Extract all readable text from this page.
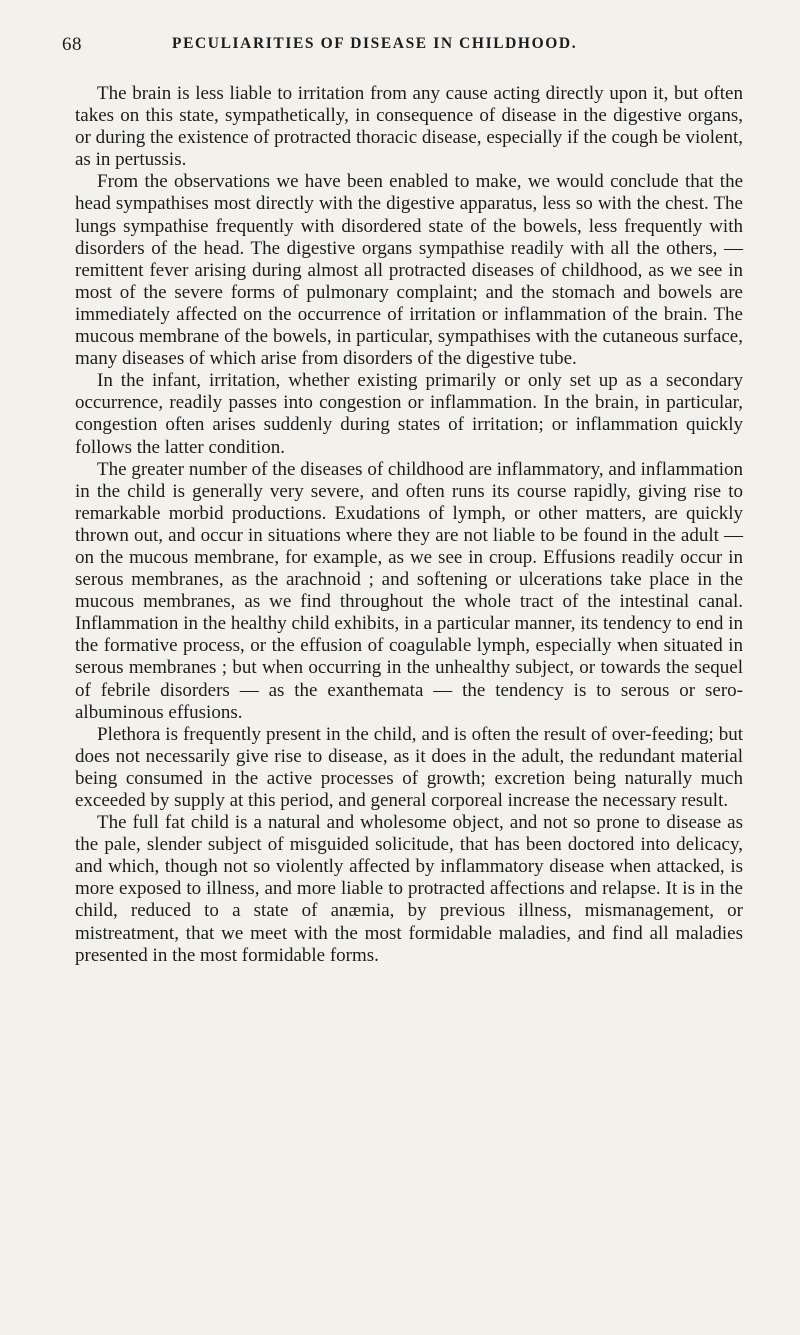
68	PECULIARITIES OF DISEASE IN CHILDHOOD.

The brain is less liable to irritation from any cause acting directly upon it, but often takes on this state, sympathetically, in consequence of disease in the digestive organs, or during the existence of protracted thoracic disease, especially if the cough be violent, as in pertussis.

From the observations we have been enabled to make, we would conclude that the head sympathises most directly with the digestive apparatus, less so with the chest. The lungs sympathise frequently with disordered state of the bowels, less frequently with disorders of the head. The digestive organs sympathise readily with all the others, — remittent fever arising during almost all protracted diseases of childhood, as we see in most of the severe forms of pulmonary complaint; and the stomach and bowels are immediately affected on the occurrence of irritation or inflammation of the brain. The mucous membrane of the bowels, in particular, sympathises with the cutaneous surface, many diseases of which arise from disorders of the digestive tube.

In the infant, irritation, whether existing primarily or only set up as a secondary occurrence, readily passes into congestion or inflammation. In the brain, in particular, congestion often arises suddenly during states of irritation; or inflammation quickly follows the latter condition.

The greater number of the diseases of childhood are inflammatory, and inflammation in the child is generally very severe, and often runs its course rapidly, giving rise to remarkable morbid productions. Exudations of lymph, or other matters, are quickly thrown out, and occur in situations where they are not liable to be found in the adult — on the mucous membrane, for example, as we see in croup. Effusions readily occur in serous membranes, as the arachnoid ; and softening or ulcerations take place in the mucous membranes, as we find throughout the whole tract of the intestinal canal. Inflammation in the healthy child exhibits, in a particular manner, its tendency to end in the formative process, or the effusion of coagulable lymph, especially when situated in serous membranes ; but when occurring in the unhealthy subject, or towards the sequel of febrile disorders — as the exanthemata — the tendency is to serous or sero-albuminous effusions.

Plethora is frequently present in the child, and is often the result of over-feeding; but does not necessarily give rise to disease, as it does in the adult, the redundant material being consumed in the active processes of growth; excretion being naturally much exceeded by supply at this period, and general corporeal increase the necessary result.

The full fat child is a natural and wholesome object, and not so prone to disease as the pale, slender subject of misguided solicitude, that has been doctored into delicacy, and which, though not so violently affected by inflammatory disease when attacked, is more exposed to illness, and more liable to protracted affections and relapse. It is in the child, reduced to a state of anæmia, by previous illness, mismanagement, or mistreatment, that we meet with the most formidable maladies, and find all maladies presented in the most formidable forms.
